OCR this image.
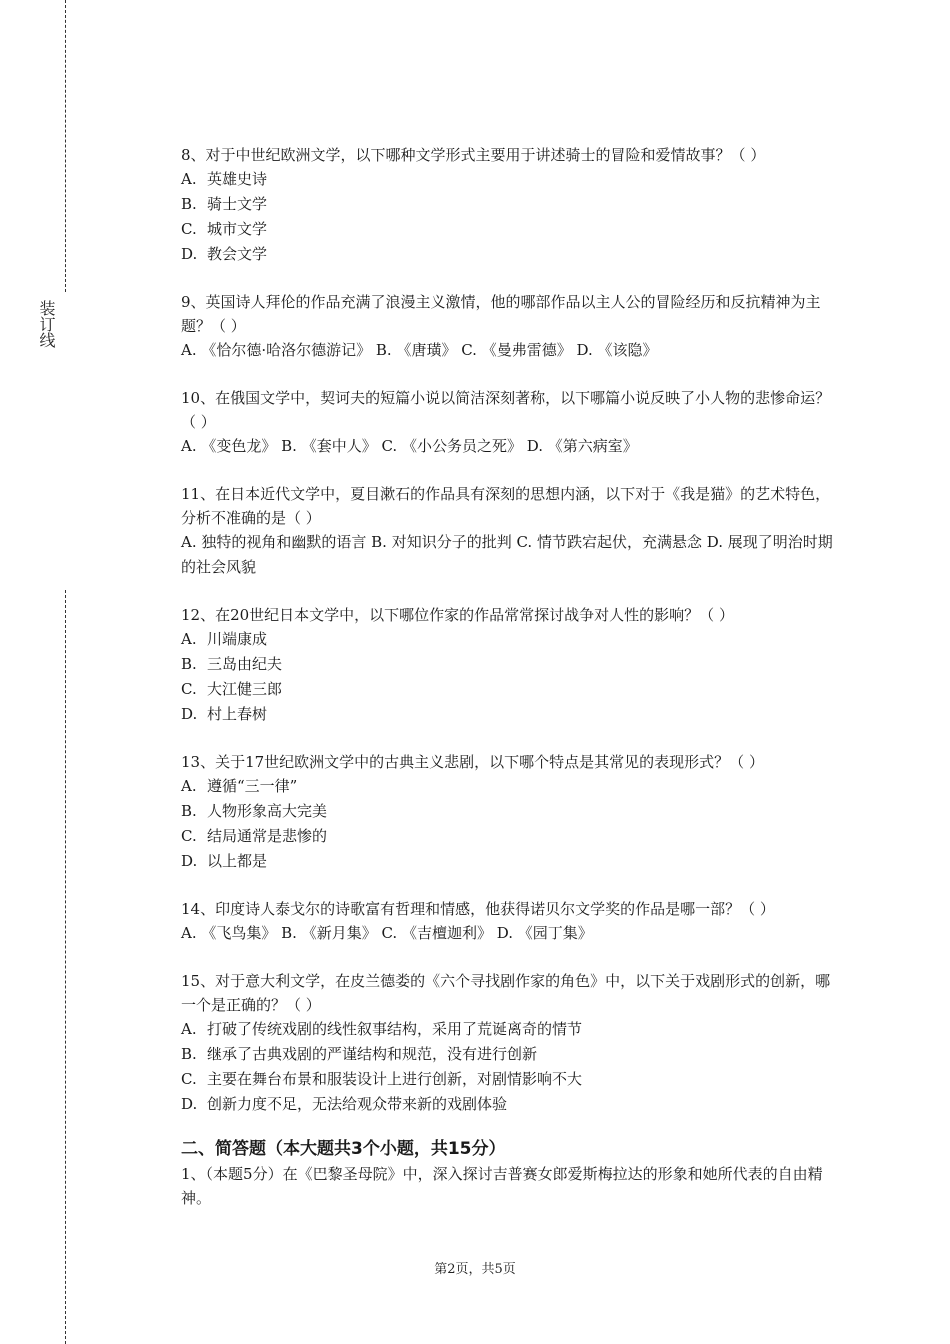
装订线
8、对于中世纪欧洲文学，以下哪种文学形式主要用于讲述骑士的冒险和爱情故事？（ ）
A. 英雄史诗
B. 骑士文学
C. 城市文学
D. 教会文学
9、英国诗人拜伦的作品充满了浪漫主义激情，他的哪部作品以主人公的冒险经历和反抗精神为主题？（ ）
A. 《恰尔德·哈洛尔德游记》 B. 《唐璜》 C. 《曼弗雷德》 D. 《该隐》
10、在俄国文学中，契诃夫的短篇小说以简洁深刻著称，以下哪篇小说反映了小人物的悲惨命运？（ ）
A. 《变色龙》 B. 《套中人》 C. 《小公务员之死》 D. 《第六病室》
11、在日本近代文学中，夏目漱石的作品具有深刻的思想内涵，以下对于《我是猫》的艺术特色，分析不准确的是（ ）
A. 独特的视角和幽默的语言 B. 对知识分子的批判 C. 情节跌宕起伏，充满悬念 D. 展现了明治时期的社会风貌
12、在20世纪日本文学中，以下哪位作家的作品常常探讨战争对人性的影响？（ ）
A. 川端康成
B. 三岛由纪夫
C. 大江健三郎
D. 村上春树
13、关于17世纪欧洲文学中的古典主义悲剧，以下哪个特点是其常见的表现形式？（ ）
A. 遵循“三一律”
B. 人物形象高大完美
C. 结局通常是悲惨的
D. 以上都是
14、印度诗人泰戈尔的诗歌富有哲理和情感，他获得诺贝尔文学奖的作品是哪一部？（ ）
A. 《飞鸟集》 B. 《新月集》 C. 《吉檀迦利》 D. 《园丁集》
15、对于意大利文学，在皮兰德娄的《六个寻找剧作家的角色》中，以下关于戏剧形式的创新，哪一个是正确的？（ ）
A. 打破了传统戏剧的线性叙事结构，采用了荒诞离奇的情节
B. 继承了古典戏剧的严谨结构和规范，没有进行创新
C. 主要在舞台布景和服装设计上进行创新，对剧情影响不大
D. 创新力度不足，无法给观众带来新的戏剧体验
二、简答题（本大题共3个小题，共15分）
1、（本题5分）在《巴黎圣母院》中，深入探讨吉普赛女郎爱斯梅拉达的形象和她所代表的自由精神。
第2页，共5页
